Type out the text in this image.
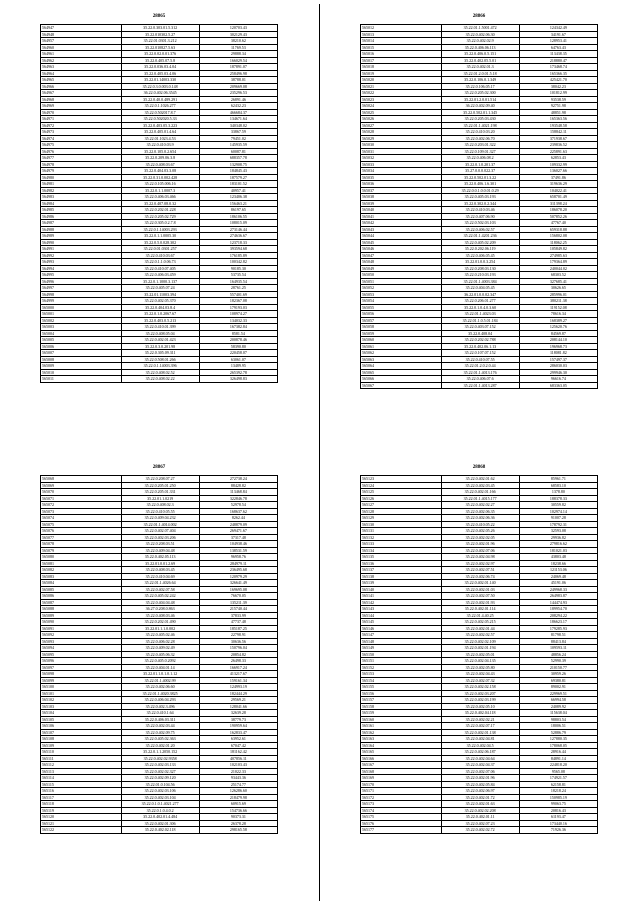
28865
564947	35.22.0.303.01.5.312	120703.43
564948	35.22.010302.5.27	302129.43
564957	35.22.01.0301.3.212	38210.62
564960	35.22.010827.5.63	11769.53
564961	35.22.0.02.0.01.376	29888.34
564962	35.22.0.405.07.5.8	166029.54
564963	35.22.0.036.03.4.04	187891.07
564964	35.22.0.405.03.4.06	258496.98
564965	35.22.01.14003.330	38788.01
564966	35.22.0.3.0.003.0.148	209669.08
564967	36.22.0.402.06.3545	235296.53
564968	35.22.0.40.0.489.291	26891.46
564969	35.22.0.1.1026.277	62432.23
564970	35.22.0.502017.8.7	466684.37
564971	35.22.0.502020.5.33	134671.64
564972	35.22.0.403.05.3.223	340348.02
564973	35.22.0.405.01.4.64	33867.59
564974	35.22.01.1023.4.53	79451.02
564975	35.22.0.410.03.9	145935.59
564976	35.22.0.105.0.2.654	60087.81
564977	35.22.0.209.06.3.8	688357.78
564978	35.22.0.408.03.67	132908.75
564979	35.22.0.404.03.3.08	184845.43
564980	35.22.0.31.0.002.428	187579.27
564981	35.22.0.105.006.16	183101.52
564982	35.22.0.1.1.0007.3	40957.41
564983	35.22.0.406.03.466	123406.38
564984	35.22.0.407.08.0.32	156463.21
564985	35.22.0.202.01.228	86197.65
564986	35.22.0.205.02.729	186106.55
564987	35.22.0.305.0.2.7.8	108015.09
564988	35.22.0.1.14003.293	273146.44
564989	35.22.0.1.1.0005.30	274636.67
564990	35.22.0.5.0.028.302	123718.33
564991	35.22.0.01.0301.257	393594.68
564992	35.22.0.410.03.67	176185.89
564993	35.22.0.1.1.0.06.73	100342.82
564994	35.22.0.410.07.405	90185.30
564995	35.22.0.406.03.459	53735.54
564996	35.22.0.1.1000.3.137	164935.54
564997	35.22.0.405.07.24	28761.25
564998	35.22.01.11003.394	557401.69
564999	35.22.0.402.05.370	182367.08
565000	35.22.0.404.03.8.4	179193.03
565001	35.22.0.1.0.2067.67	108974.27
565002	35.22.0.403.0.5.213	134032.33
565003	35.22.0.410.01.399	167382.84
565004	35.22.0.408.05.04	8581.54
565005	35.22.0.402.01.423	200878.46
565006	35.22.0.3.0.201.98	58390.80
565007	35.22.0.305.09.311	220458.07
565008	35.22.0.508.01.266	63061.07
565009	35.22.0.1.14003.396	13489.95
565010	35.22.0.408.02.52	265392.78
565011	35.22.0.408.02.22	326498.83
28866
565012	35.22.01.1.5001.472	124342.49
565013	35.22.0.402.06.30	34191.67
565014	35.22.0.402.02.9	128953.41
565015	35.22.0.406.06.113	64763.43
565016	35.22.0.406.0.5.151	113438.35
565017	35.22.0.402.05.5.01	218880.47
565018	35.22.0.402.01.3	173468.74
565019	35.22.01.2.0.01.5.18	165366.35
565020	35.22.0.106.0.1.349	425421.70
565021	35.22.0.106.05.17	38042.23
565022	35.22.0.205.02.300	101812.99
565023	35.22.01.2.0.01.514	93538.59
565024	36.22.0.402.09.40	92751.98
565025	35.22.0.502.01.1.345	48851.98
565026	35.22.0.205.03.430	165363.56
565027	35.22.01.1.4021.198	193548.58
565028	35.22.0.410.03.20	158842.11
565029	35.22.0.402.06.70	371938.67
565030	35.22.0.203.01.322	239836.52
565031	35.22.0.109.01.327	225891.63
565032	35.22.0.406.08.2	62853.43
565033	35.22.0.1.0.201.37	109332.99
565034	35.27.0.0.0.022.37	136027.66
565035	35.22.0.502.01.3.22	37491.86
565036	35.22.0.406.1.6.301	319636.29
565037	35.22.0.0.1.0.0.01.0.29	104022.41
565038	35.22.0.405.03.193	658701.49
565039	35.22.0.302.0.2.344	311398.24
565040	35.22.0.410.03.46	186078.20
565041	35.22.0.407.06.90	507852.26
565042	35.22.0.502.03.103	47767.40
565043	35.22.0.406.02.57	659318.88
565044	35.22.01.1.4201.236	156802.08
565045	35.22.0.405.02.209	118062.25
565046	35.22.0.202.06.119	105849.82
565047	35.22.0.406.05.45	274985.63
565048	35.22.01.0.0.3.254	179364.89
565049	35.22.0.208.03.130	240044.02
565050	35.22.0.210.03.193	68303.52
565051	35.22.01.1.4003.384	327685.41
565052	35.22.0.404.05.45	30626.65
565053	36.22.01.0.0.02.347	285996.01
565054	35.22.0.206.01.277	380211.38
565055	35.22.0.1.0.4.0.3.60	119152.08
565056	35.22.01.1.4023.03	78616.34
565057	35.22.01.1.0.5.01.184	168389.27
565058	35.22.0.403.07.152	125620.76
565059	35.22.0.408.04	84569.87
565060	35.22.0.202.02.788	208144.10
565061	35.22.0.402.06.1.13	196968.73
565062	35.22.0.107.07.152	118081.82
565063	35.22.0.410.07.55	157497.37
565064	35.22.01.2.0.2.0.44	286030.03
565065	35.22.01.1.4013.176	299946.30
565066	35.22.0.406.07.6	96616.74
565067	35.22.01.1.4013.287	683363.05
28867
565068	35.22.0.208.07.27	272738.24
565069	35.22.0.205.01.250	88428.82
565070	35.22.0.205.01.331	113468.84
565071	35.22.01.1.0219	322846.78
565072	35.22.0.408.02.3	52978.54
565073	35.22.0.410.05.55	168637.62
565074	35.22.0.409.04.232	8262.44
565075	35.22.01.1.4014.002	248879.09
565076	35.22.0.402.07.404	269471.67
565077	35.22.0.402.03.206	37317.48
565078	35.22.0.208.03.51	104938.46
565079	35.22.0.409.04.48	138531.59
565080	35.22.0.402.05.113	96958.76
565081	35.22.01.0.01.2.69	284979.11
565082	35.22.0.408.03.45	236495.68
565083	35.22.0.410.04.69	120979.29
565084	35.22.01.1.4026.64	326641.49
565085	35.22.0.402.07.58	169695.08
565086	35.22.0.405.02.242	76670.05
565087	35.22.0.404.04.48	135211.39
565088	36.27.0.208.0.863	215740.44
565089	35.22.0.408.03.46	37833.99
565090	35.22.0.202.01.490	47737.48
565091	35.22.01.1.1.0.002	185187.25
565092	35.22.0.405.02.46	22798.91
565093	35.22.0.406.02.28	30636.56
565094	35.22.0.409.02.49	150796.04
565095	35.22.0.405.06.32	20854.82
565096	35.22.0.405.0.2092	26498.33
565097	35.22.0.404.01.14	166917.24
565098	35.22.01.1.0.1.0.1.12	413217.67
565099	35.22.01.1.4002.99	159161.34
565100	35.22.0.402.06.60	124993.19
565101	35.22.01.1.4020.3825	182444.29
565102	35.22.0.406.04.293	29569.21
565103	35.22.0.402.3.496	128041.66
565104	35.22.0.410.1.64	32639.28
565105	35.22.0.406.03.311	38779.73
565106	35.22.0.402.03.44	190959.64
565107	35.22.0.402.09.75	162833.47
565108	35.22.0.405.02.363	63952.61
565109	35.22.0.402.01.20	67047.42
565110	35.22.0.1.1.2050.152	181162.42
565111	35.22.0.402.02.9358	407856.11
565112	35.22.0.402.03.133	102103.43
565113	35.22.0.402.02.327	21022.33
565114	35.22.0.402.09.120	93443.36
565115	35.22.01.0.104.56	25174.77
565116	35.22.0.402.03.106	126286.60
565117	35.22.0.402.03.104	218479.98
565118	35.22.0.1.0.1.4021.277	60915.69
565119	35.22.0.1.0.4.0.2	154736.66
565120	35.22.0.402.01.4.484	90373.31
565121	35.22.0.402.01.306	26378.28
565122	35.22.0.402.02.118	298165.58
28868
565123	35.22.0.402.01.62	85961.71
565124	35.22.0.402.03.45	68583.10
565125	35.22.0.402.01.166	1378.80
565126	35.22.01.1.4015.177	188378.33
565127	35.22.0.402.02.27	30559.82
565128	35.22.0.402.06.35	102974.14
565129	35.22.0.402.06.36	91007.28
565130	35.22.0.410.05.22	178792.31
565131	35.22.0.402.05.26	32593.08
565132	35.22.0.402.02.05	29936.82
565133	35.22.0.402.01.96	279816.62
565134	35.22.0.402.07.06	181021.03
565135	35.22.0.402.04.98	43803.48
565136	35.22.0.402.02.97	18238.66
565137	35.22.0.402.07.51	121153.06
565138	35.22.0.402.06.74	24069.48
565139	35.22.0.402.01.140	45191.06
565140	35.22.0.402.01.03	249968.33
565141	35.22.0.402.07.50	264983.87
565142	35.22.0.402.01.93	144474.93
565143	35.22.0.402.01.114	189954.70
565144	35.22.01.4.40.25	208294.22
565145	35.22.0.402.05.215	186623.17
565146	35.22.0.402.01.44	179285.93
565147	35.22.0.402.02.57	81798.51
565148	35.22.0.402.02.109	88413.84
565149	35.22.0.402.01.194	109593.11
565150	35.22.0.402.05.01	48856.24
565151	35.22.0.402.04.135	52990.39
565152	35.22.0.402.05.80	210150.77
565153	35.22.0.402.04.43	30959.26
565154	35.22.0.402.07.32	69380.81
565155	35.22.0.402.02.158	89002.91
565156	35.22.0.402.03.207	229969.51
565157	35.22.0.402.03.199	66994.58
565158	35.22.0.402.05.10	24089.92
565159	35.22.0.402.04.118	115638.04
565160	35.22.0.402.02.21	98803.54
565161	35.22.0.402.07.17	18006.51
565162	35.22.0.402.01.138	52886.79
565163	35.22.0.402.04.81	127880.35
565164	35.22.0.402.04.5	178068.05
565165	35.22.0.402.06.187	28916.44
565166	35.22.0.402.04.64	84891.14
565167	35.22.0.402.04.37	224818.20
565168	35.22.0.402.07.06	9565.08
565169	35.22.0.402.01.96	174921.57
565170	35.22.0.402.05.84	62158.81
565171	35.22.0.402.06.97	18218.24
565172	35.22.0.402.01.72	150985.19
565173	35.22.0.402.01.63	99063.75
565174	35.22.0.402.02.208	20816.43
565175	35.22.0.402.01.11	61193.47
565176	35.22.0.402.07.23	173440.16
565177	35.22.0.402.02.72	71926.36
